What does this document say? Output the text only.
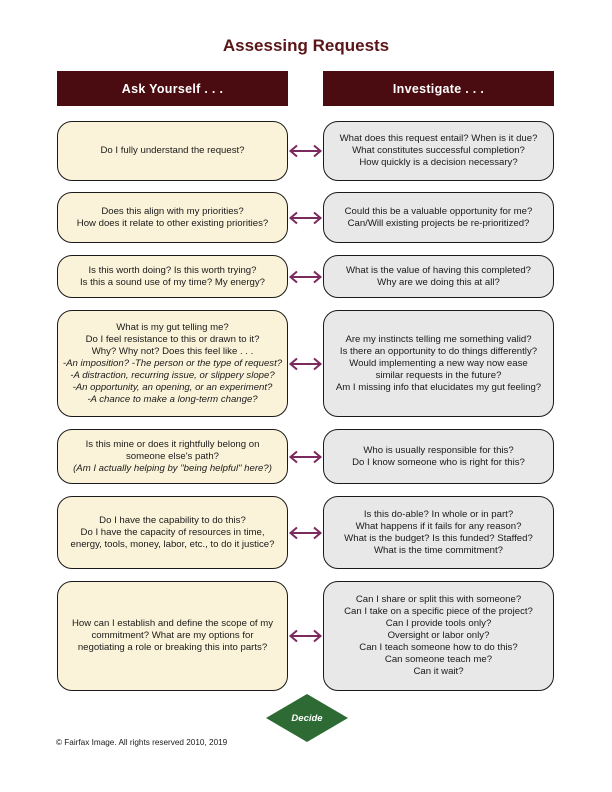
Assessing Requests
Ask Yourself . . .	Investigate . . .
Do I fully understand the request?
What does this request entail? When is it due?
What constitutes successful completion?
How quickly is a decision necessary?
Does this align with my priorities?
How does it relate to other existing priorities?
Could this be a valuable opportunity for me?
Can/Will existing projects be re-prioritized?
Is this worth doing? Is this worth trying?
Is this a sound use of my time? My energy?
What is the value of having this completed?
Why are we doing this at all?
What is my gut telling me?
Do I feel resistance to this or drawn to it?
Why? Why not? Does this feel like . . .
-An imposition? -The person or the type of request?
-A distraction, recurring issue, or slippery slope?
-An opportunity, an opening, or an experiment?
-A chance to make a long-term change?
Are my instincts telling me something valid?
Is there an opportunity to do things differently?
Would implementing a new way now ease
similar requests in the future?
Am I missing info that elucidates my gut feeling?
Is this mine or does it rightfully belong on
someone else's path?
(Am I actually helping by "being helpful" here?)
Who is usually responsible for this?
Do I know someone who is right for this?
Do I have the capability to do this?
Do I have the capacity of resources in time,
energy, tools, money, labor, etc., to do it justice?
Is this do-able? In whole or in part?
What happens if it fails for any reason?
What is the budget? Is this funded? Staffed?
What is the time commitment?
How can I establish and define the scope of my
commitment? What are my options for
negotiating a role or breaking this into parts?
Can I share or split this with someone?
Can I take on a specific piece of the project?
Can I provide tools only?
Oversight or labor only?
Can I teach someone how to do this?
Can someone teach me?
Can it wait?
Decide
© Fairfax Image. All rights reserved 2010, 2019
